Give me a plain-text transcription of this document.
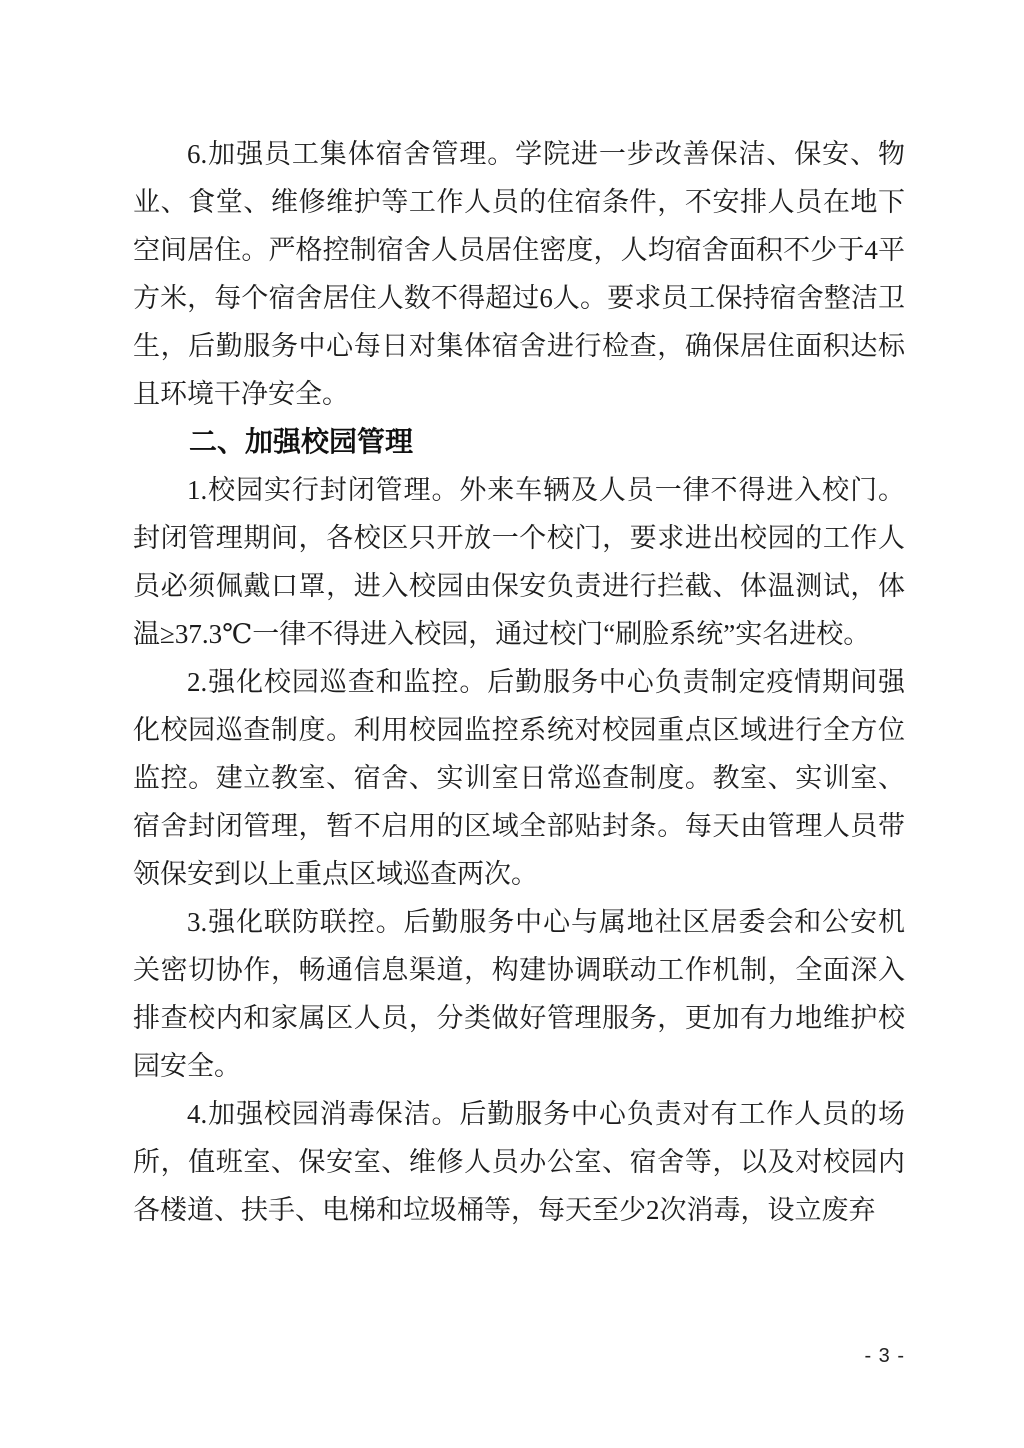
6.加强员工集体宿舍管理。学院进一步改善保洁、保安、物业、食堂、维修维护等工作人员的住宿条件，不安排人员在地下空间居住。严格控制宿舍人员居住密度，人均宿舍面积不少于4平方米，每个宿舍居住人数不得超过6人。要求员工保持宿舍整洁卫生，后勤服务中心每日对集体宿舍进行检查，确保居住面积达标且环境干净安全。

二、加强校园管理

1.校园实行封闭管理。外来车辆及人员一律不得进入校门。封闭管理期间，各校区只开放一个校门，要求进出校园的工作人员必须佩戴口罩，进入校园由保安负责进行拦截、体温测试，体温≥37.3℃一律不得进入校园，通过校门“刷脸系统”实名进校。

2.强化校园巡查和监控。后勤服务中心负责制定疫情期间强化校园巡查制度。利用校园监控系统对校园重点区域进行全方位监控。建立教室、宿舍、实训室日常巡查制度。教室、实训室、宿舍封闭管理，暂不启用的区域全部贴封条。每天由管理人员带领保安到以上重点区域巡查两次。

3.强化联防联控。后勤服务中心与属地社区居委会和公安机关密切协作，畅通信息渠道，构建协调联动工作机制，全面深入排查校内和家属区人员，分类做好管理服务，更加有力地维护校园安全。

4.加强校园消毒保洁。后勤服务中心负责对有工作人员的场所，值班室、保安室、维修人员办公室、宿舍等，以及对校园内各楼道、扶手、电梯和垃圾桶等，每天至少2次消毒，设立废弃

- 3 -
